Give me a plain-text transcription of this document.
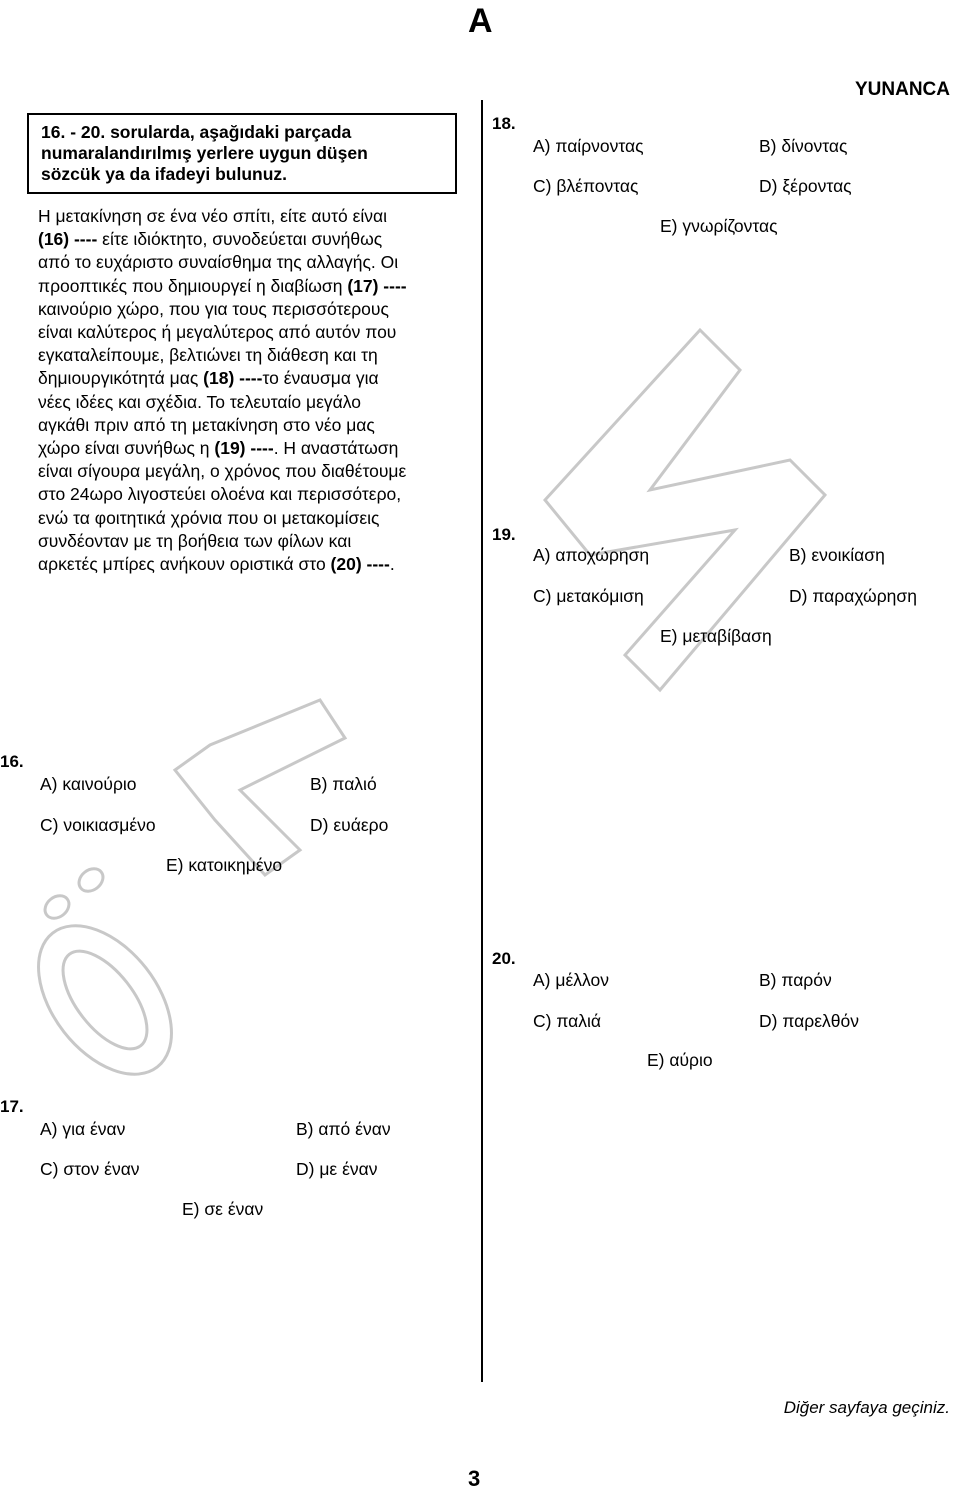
A
YUNANCA
16. - 20. sorularda, aşağıdaki parçada
numaralandırılmış yerlere uygun düşen
sözcük ya da ifadeyi bulunuz.

Η μετακίνηση σε ένα νέο σπίτι, είτε αυτό είναι

(16) ---- είτε ιδιόκτητο, συνοδεύεται συνήθως

από το ευχάριστο συναίσθημα της αλλαγής. Οι

προοπτικές που δημιουργεί η διαβίωση (17) ----

καινούριο χώρο, που για τους περισσότερους

είναι καλύτερος ή μεγαλύτερος από αυτόν που

εγκαταλείπουμε, βελτιώνει τη διάθεση και τη

δημιουργικότητά μας (18) ----το έναυσμα για

νέες ιδέες και σχέδια. Το τελευταίο μεγάλο

αγκάθι πριν από τη μετακίνηση στο νέο μας

χώρο είναι συνήθως η (19) ----. Η αναστάτωση

είναι σίγουρα μεγάλη, ο χρόνος που διαθέτουμε

στο 24ωρο λιγοστεύει ολοένα και περισσότερο,

ενώ τα φοιτητικά χρόνια που οι μετακομίσεις

συνδέονταν με τη βοήθεια των φίλων και

αρκετές μπίρες ανήκουν οριστικά στο (20) ----.

18.
A) παίρνοντας	B) δίνοντας
C) βλέποντας	D) ξέροντας
E) γνωρίζοντας
19.
A) αποχώρηση	B) ενοικίαση
C) μετακόμιση	D) παραχώρηση
E) μεταβίβαση
16.
A) καινούριο	B) παλιό
C) νοικιασμένο	D) ευάερο
E) κατοικημένο
20.
A) μέλλον	B) παρόν
C) παλιά	D) παρελθόν
E) αύριο
17.
A) για έναν	B) από έναν
C) στον έναν	D) με έναν
E) σε έναν
Diğer sayfaya geçiniz.
3
